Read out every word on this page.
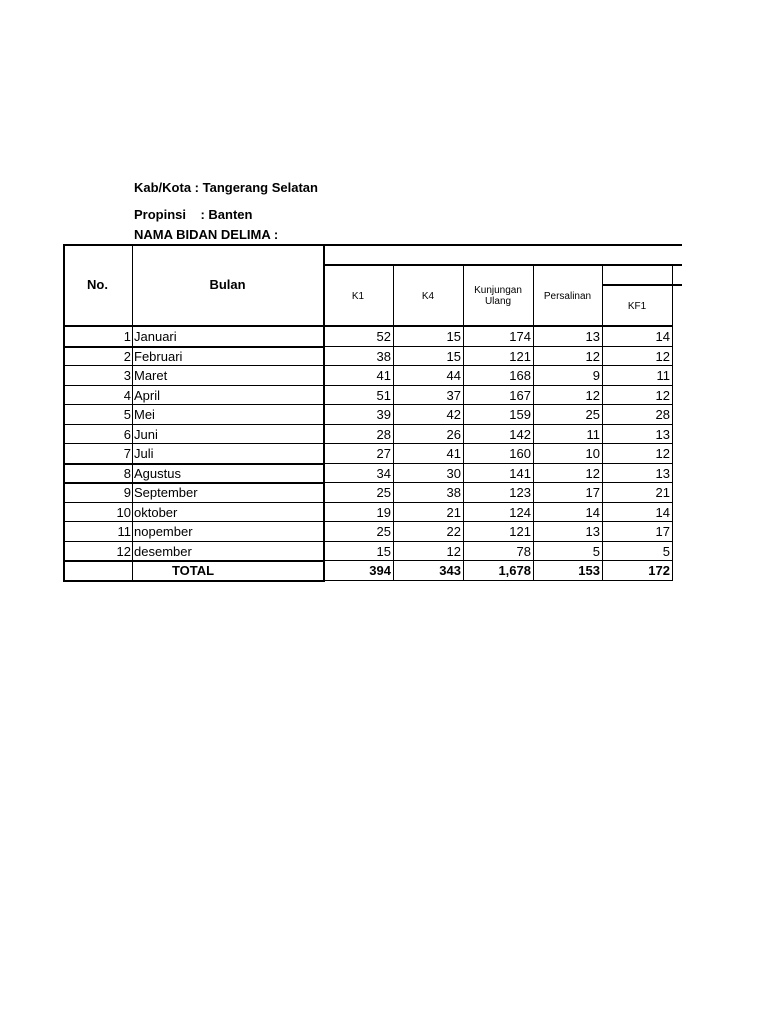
Kab/Kota : Tangerang Selatan
Propinsi    : Banten
NAMA BIDAN DELIMA :
No.	Bulan
K1	K4	Kunjungan Ulang	Persalinan
KF1
1 Januari	52	15	174	13	14
2 Februari	38	15	121	12	12
3 Maret	41	44	168	9	11
4 April	51	37	167	12	12
5 Mei	39	42	159	25	28
6 Juni	28	26	142	11	13
7 Juli	27	41	160	10	12
8 Agustus	34	30	141	12	13
9 September	25	38	123	17	21
10 oktober	19	21	124	14	14
11 nopember	25	22	121	13	17
12 desember	15	12	78	5	5
TOTAL	394	343	1,678	153	172
